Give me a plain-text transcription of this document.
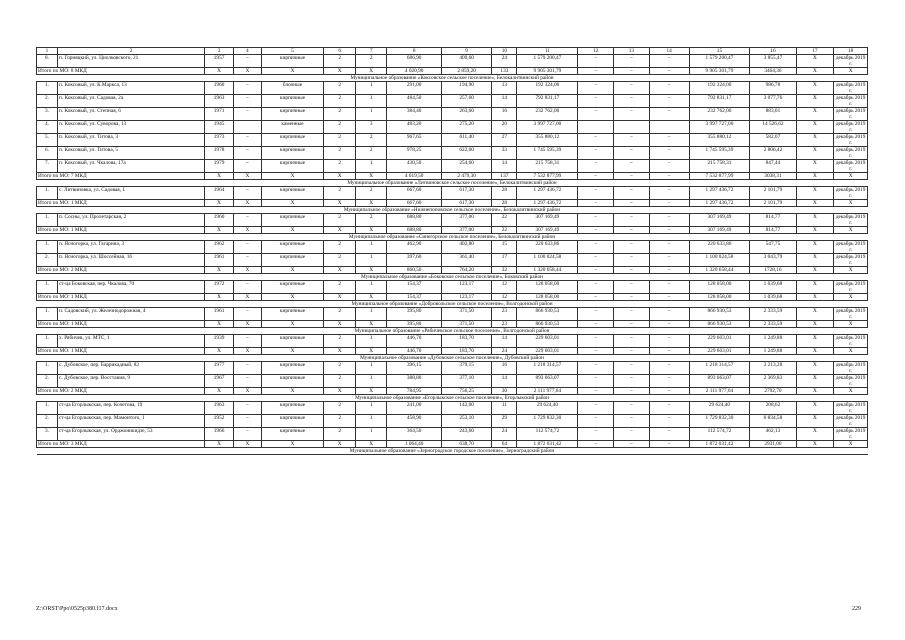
1	2	3	4	5	6	7	8	9	10	11	12	13	14	15	16	17	18
8.	п. Горняцкий, ул. Циолковского, 21	1957	–	кирпичные	2	2	686,90	409,60	24	1 579 200,47	–	–	–	1 579 200,47	3 855,47	X	декабрь 2019 г.
Итого по МО: 8 МКД		X	X	X	X	X	4 020,90	2 859,20	133	9 905 301,79	–	–	–	9 905 301,79	3464,36	X	X
Муниципальное образование «Коксовское сельское поселение», Белокалитвинский район																	
1.	п. Коксовый, ул. К.Маркса, 13	1960	–	блочные	2	1	291,00	194,90	13	192 324,00	–	–	–	192 324,00	986,78	X	декабрь 2019 г.
2.	п. Коксовый, ул. Садовая, 2а	1963	–	кирпичные	2	1	484,50	257,60	14	792 831,17	–	–	–	792 831,17	3 077,76	X	декабрь 2019 г.
3.	п. Коксовый, ул. Степная, 6	1971	–	кирпичные	2	1	384,40	263,60	16	232 762,00	–	–	–	232 762,00	883,01	X	декабрь 2019 г.
4.	п. Коксовый, ул. Суворова, 13	1945		каменные	2	3	483,20	275,20	20	3 997 727,00				3 997 727,00	14 526,62	X	декабрь 2019 г.
5.	п. Коксовый, ул. Титова, 3	1973	–	кирпичные	2	2	967,65	611,40	27	355 880,12	–	–	–	355 880,12	582,07	X	декабрь 2019 г.
6.	п. Коксовый, ул. Титова, 5	1978	–	кирпичные	2	2	978,25	622,00	33	1 745 595,39	–	–	–	1 745 595,39	2 806,42	X	декабрь 2019 г.
7.	п. Коксовый, ул. Чкалова, 17а	1979	–	кирпичные	2	1	430,50	254,60	14	215 758,31	–	–	–	215 758,31	847,44	X	декабрь 2019 г.
Итого по МО: 7 МКД		X	X	X	X	X	4 019,50	2 479,30	137	7 532 877,99	–	–	–	7 532 877,99	3038,31	X	X
Муниципальное образование «Литвиновское сельское поселение», Белокалитвинский район																	
1.	с. Литвиновка, ул. Садовая, 1	1964	–	кирпичные	2	2	667,60	617,30	28	1 297 436,72	–	–	–	1 297 436,72	2 101,79	X	декабрь 2019 г.
Итого по МО: 1 МКД		X	X	X	X	X	667,60	617,30	28	1 297 436,72	–	–	–	1 297 436,72	2 101,79	X	X
Муниципальное образование «Нижнепоповское сельское поселение», Белокалитвинский район																	
1.	п. Сосны, ул. Пролетарская, 2	1960	–	кирпичные	2	2	688,80	377,00	22	307 169,49	–	–	–	307 169,49	814,77	X	декабрь 2019 г.
Итого по МО: 1 МКД		X	X	X	X	X	688,80	377,00	22	307 169,49	–	–	–	307 169,49	814,77	X	X
Муниципальное образование «Синегорское сельское поселение», Белокалитвинский район																	
1.	п. Ясногорка, ул. Гагарина, 3	1962	–	кирпичные	2	1	462,90	402,80	15	220 633,86	–	–	–	220 633,86	547,75	X	декабрь 2019 г.
2.	п. Ясногорка, ул. Шоссейная, 16	1961	–	кирпичные	2	1	397,60	361,40	17	1 100 024,58	–	–	–	1 100 024,58	3 043,79	X	декабрь 2019 г.
Итого по МО: 2 МКД		X	X	X	X	X	860,50	764,20	32	1 320 658,44	–	–	–	1 320 658,44	1728,16	X	X
Муниципальное образование «Боковское сельское поселение», Боковский район																	
1.	ст-ца Боковская, пер. Чкалова, 70	1972	–	кирпичные	2	1	154,37	123,17	12	128 058,00	–	–	–	128 058,00	1 039,68	X	декабрь 2019 г.
Итого по МО: 1 МКД		X	X	X	X	X	154,37	123,17	12	128 058,00	–	–	–	128 058,00	1 039,68	X	X
Муниципальное образование «Добровольское сельское поселение», Волгодонской район																	
1.	п. Садовский, ул. Железнодорожная, 4	1961	–	кирпичные	2	1	395,80	371,50	23	866 930,53	–	–	–	866 930,53	2 333,59	X	декабрь 2019 г.
Итого по МО: 1 МКД		X	X	X	X	X	395,80	371,50	23	866 930,53	–	–	–	866 930,53	2 333,59	X	X
Муниципальное образование «Рябичевское сельское поселение», Волгодонской район																	
1.	х. Рябичев, ул. МТС, 1	1939	–	кирпичные	2	1	446,70	183,70	14	229 603,01	–	–	–	229 603,01	1 249,88	X	декабрь 2019 г.
Итого по МО: 1 МКД		X	X	X	X	X	446,70	183,70	24	229 603,01	–	–	–	229 603,01	1 249,88	X	X
Муниципальное образование «Дубовское сельское поселение», Дубовский район																	
1.	с. Дубовское, пер. Баррикадный, 82	1977	–	кирпичные	2	1	396,15	379,15	16	1 218 314,57	–	–	–	1 218 314,57	3 213,28	X	декабрь 2019 г.
2.	с. Дубовское, пер. Восстания, 9	1967	–	кирпичные	2	1	388,80	377,10	14	893 663,07	–	–	–	893 663,07	2 369,83	X	декабрь 2019 г.
Итого по МО: 2 МКД		X	X	X	X	X	784,95	756,25	30	2 111 977,64	–	–	–	2 111 977,64	2792,70	X	X
Муниципальное образование «Егорлыкское сельское поселение», Егорлыкский район																	
1.	ст-ца Егорлыкская, пер. Кочетова, 19	1963	–	кирпичные	2	1	241,00	142,00	11	29 624,40	–	–	–	29 624,40	208,62	X	декабрь 2019 г.
2.	ст-ца Егорлыкская, пер. Мамонтого, 1	1952	–	кирпичные	2	1	458,90	253,10	29	1 729 832,30	–	–	–	1 729 832,30	6 834,58	X	декабрь 2019 г.
3.	ст-ца Егорлыкская, ул. Орджоникидзе, 53	1966	–	кирпичные	2	1	364,50	243,60	24	112 574,72	–	–	–	112 574,72	462,13	X	декабрь 2019 г.
Итого по МО: 3 МКД		X	X	X	X	X	1 064,40	638,70	64	1 872 031,42	–	–	–	1 872 031,42	2931,00	X	X
Муниципальное образование «Зерноградское городское поселение», Зерноградский район																	
Z:\ORST\Ppo\0525p380.f17.docx	229
